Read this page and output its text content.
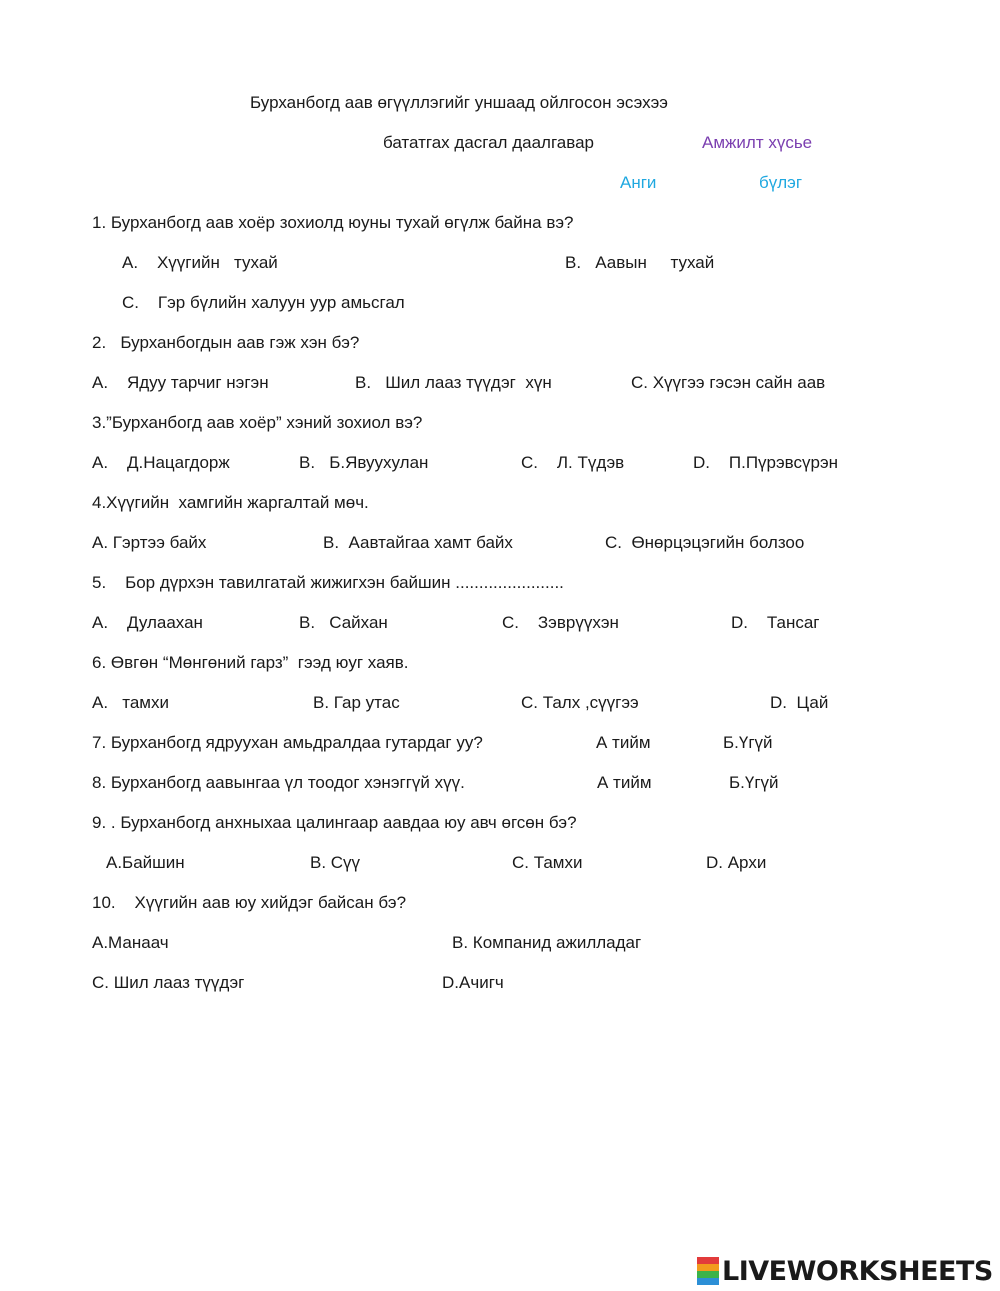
Бурханбогд аав өгүүллэгийг уншаад ойлгосон эсэхээ
бататгах дасгал даалгавар	Амжилт хүсье
Анги	бүлэг
1. Бурханбогд аав хоёр зохиолд юуны тухай өгүлж байна вэ?
A.    Хүүгийн   тухай	B.   Аавын     тухай
C.    Гэр бүлийн халуун уур амьсгал
2.   Бурханбогдын аав гэж хэн бэ?
A.    Ядуу тарчиг нэгэн	B.   Шил лааз түүдэг  хүн	C. Хүүгээ гэсэн сайн аав
3.”Бурханбогд аав хоёр” хэний зохиол вэ?
A.    Д.Нацагдорж	B.   Б.Явуухулан	C.    Л. Түдэв	D.    П.Пүрэвсүрэн
4.Хүүгийн  хамгийн жаргалтай мөч.
A. Гэртээ байх	B.  Аавтайгаа хамт байх	C.  Өнөрцэцэгийн болзоо
5.    Бор дүрхэн тавилгатай жижигхэн байшин .......................
A.    Дулаахан	B.   Сайхан	C.    Зэврүүхэн	D.    Тансаг
6. Өвгөн “Мөнгөний гарз”  гээд юуг хаяв.
A.   тамхи	B. Гар утас	C. Талх ,сүүгээ	D.  Цай
7. Бурханбогд ядруухан амьдралдаа гутардаг уу?	А тийм	Б.Үгүй
8. Бурханбогд аавынгаа үл тоодог хэнэггүй хүү.	А тийм	Б.Үгүй
9. . Бурханбогд анхныхаа цалингаар аавдаа юу авч өгсөн бэ?
A.Байшин	B. Сүү	C. Тамхи	D. Архи
10.    Хүүгийн аав юу хийдэг байсан бэ?
A.Манаач	B. Компанид ажилладаг
C. Шил лааз түүдэг	D.Ачигч
LIVEWORKSHEETS
